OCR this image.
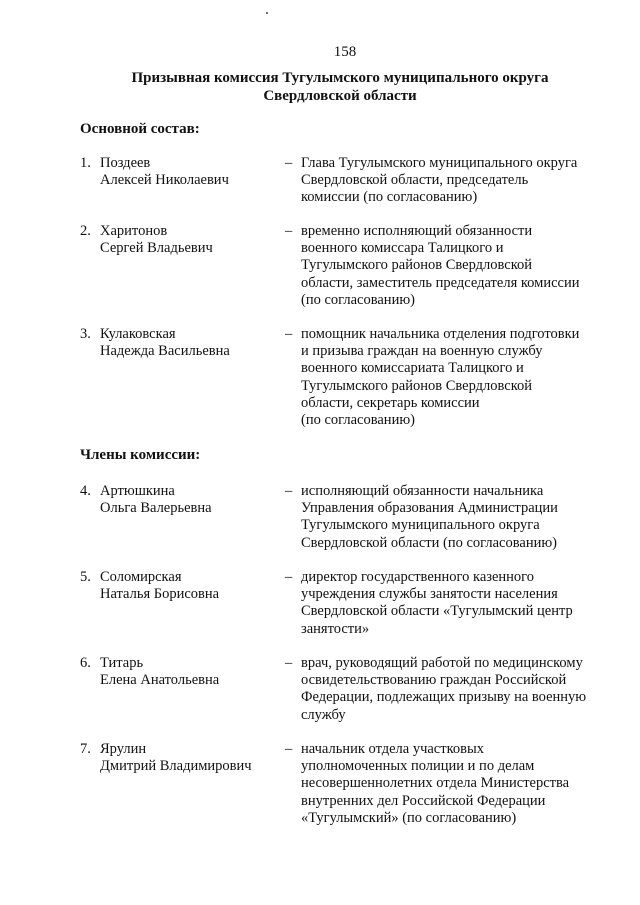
158
Призывная комиссия Тугулымского муниципального округа
Свердловской области
Основной состав:
1. Поздеев
Алексей Николаевич
– Глава Тугулымского муниципального округа
Свердловской области, председатель
комиссии (по согласованию)
2. Харитонов
Сергей Владьевич
– временно исполняющий обязанности
военного комиссара Талицкого и
Тугулымского районов Свердловской
области, заместитель председателя комиссии
(по согласованию)
3. Кулаковская
Надежда Васильевна
– помощник начальника отделения подготовки
и призыва граждан на военную службу
военного комиссариата Талицкого и
Тугулымского районов Свердловской
области, секретарь комиссии
(по согласованию)
Члены комиссии:
4. Артюшкина
Ольга Валерьевна
– исполняющий обязанности начальника
Управления образования Администрации
Тугулымского муниципального округа
Свердловской области (по согласованию)
5. Соломирская
Наталья Борисовна
– директор государственного казенного
учреждения службы занятости населения
Свердловской области «Тугулымский центр
занятости»
6. Титарь
Елена Анатольевна
– врач, руководящий работой по медицинскому
освидетельствованию граждан Российской
Федерации, подлежащих призыву на военную
службу
7. Ярулин
Дмитрий Владимирович
– начальник отдела участковых
уполномоченных полиции и по делам
несовершеннолетних отдела Министерства
внутренних дел Российской Федерации
«Тугулымский» (по согласованию)
